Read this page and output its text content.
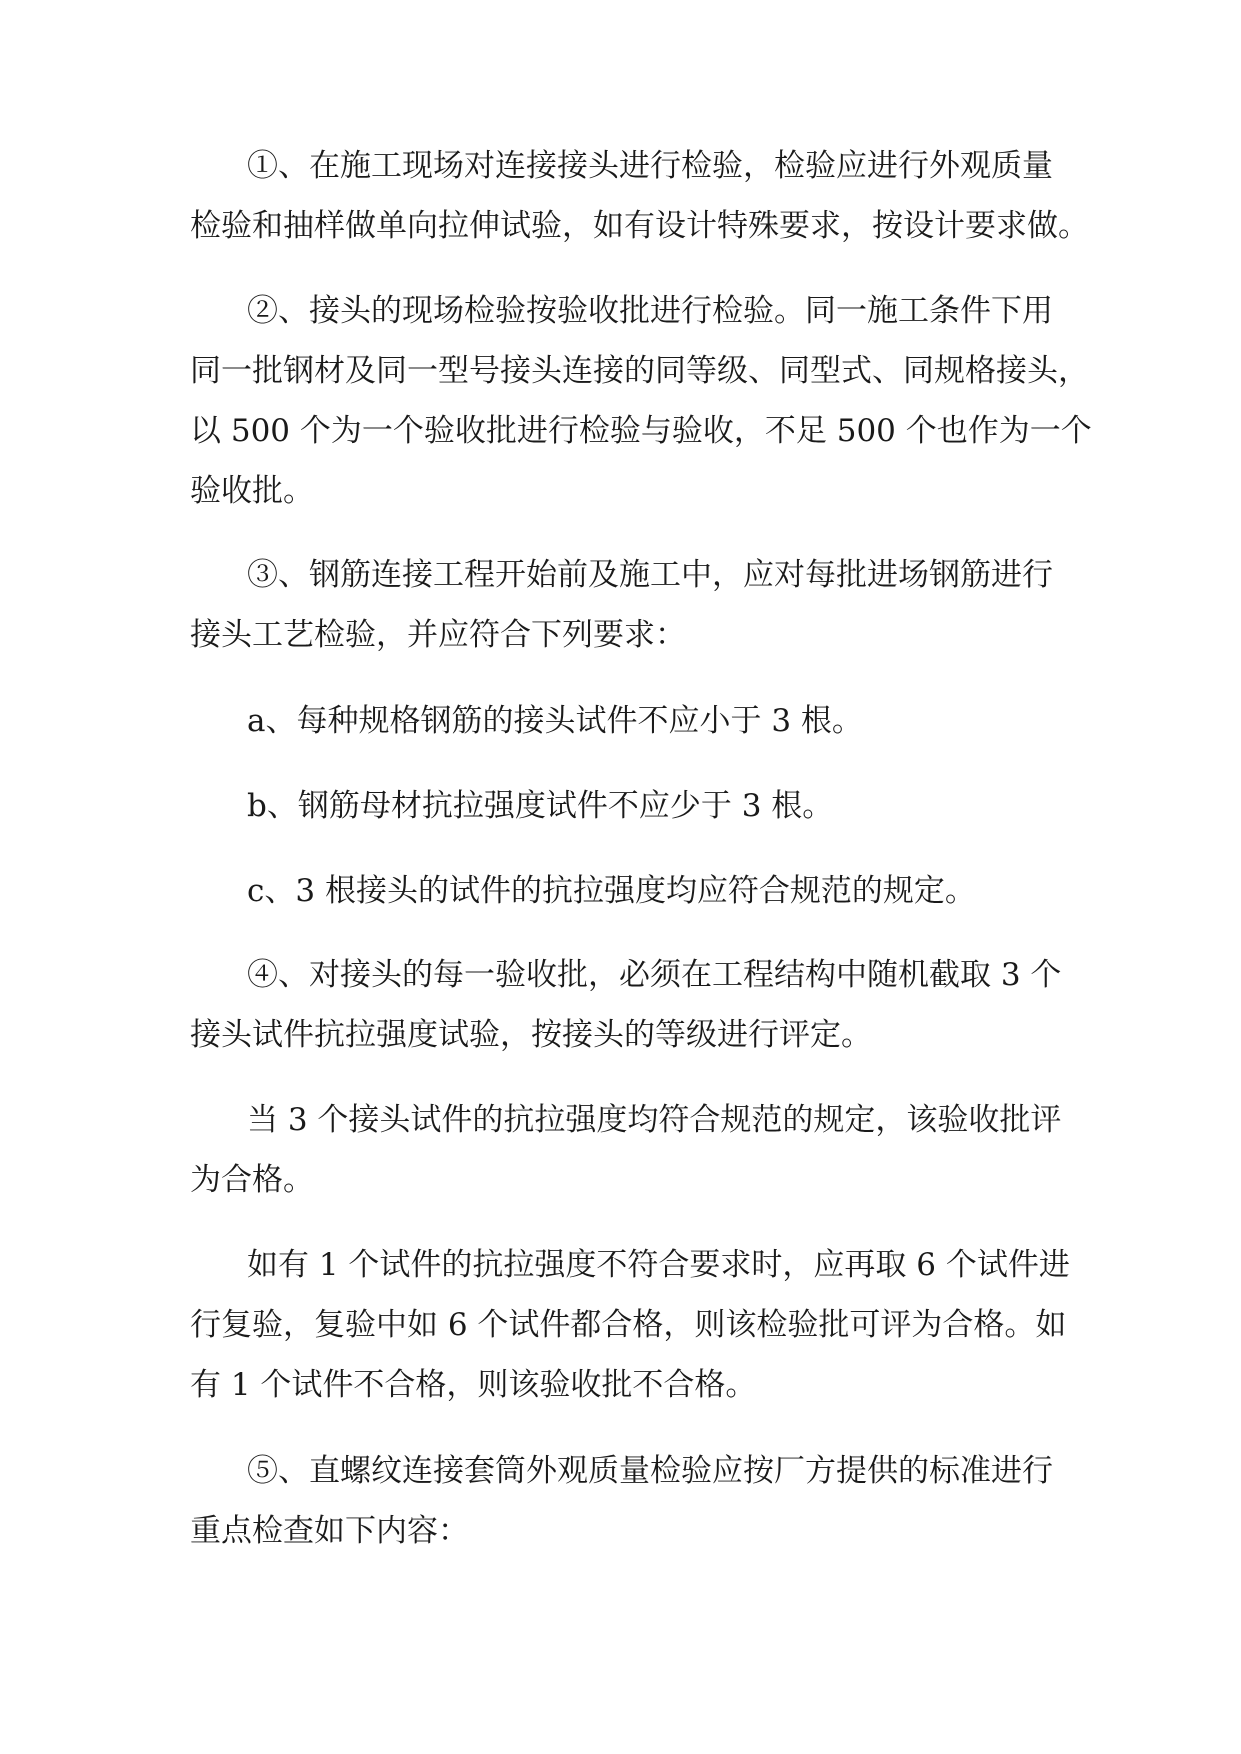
①、在施工现场对连接接头进行检验，检验应进行外观质量
检验和抽样做单向拉伸试验，如有设计特殊要求，按设计要求做。
②、接头的现场检验按验收批进行检验。同一施工条件下用
同一批钢材及同一型号接头连接的同等级、同型式、同规格接头，
以 500 个为一个验收批进行检验与验收，不足 500 个也作为一个
验收批。
③、钢筋连接工程开始前及施工中，应对每批进场钢筋进行
接头工艺检验，并应符合下列要求：
a、每种规格钢筋的接头试件不应小于 3 根。
b、钢筋母材抗拉强度试件不应少于 3 根。
c、3 根接头的试件的抗拉强度均应符合规范的规定。
④、对接头的每一验收批，必须在工程结构中随机截取 3 个
接头试件抗拉强度试验，按接头的等级进行评定。
当 3 个接头试件的抗拉强度均符合规范的规定，该验收批评
为合格。
如有 1 个试件的抗拉强度不符合要求时，应再取 6 个试件进
行复验，复验中如 6 个试件都合格，则该检验批可评为合格。如
有 1 个试件不合格，则该验收批不合格。
⑤、直螺纹连接套筒外观质量检验应按厂方提供的标准进行
重点检查如下内容：
